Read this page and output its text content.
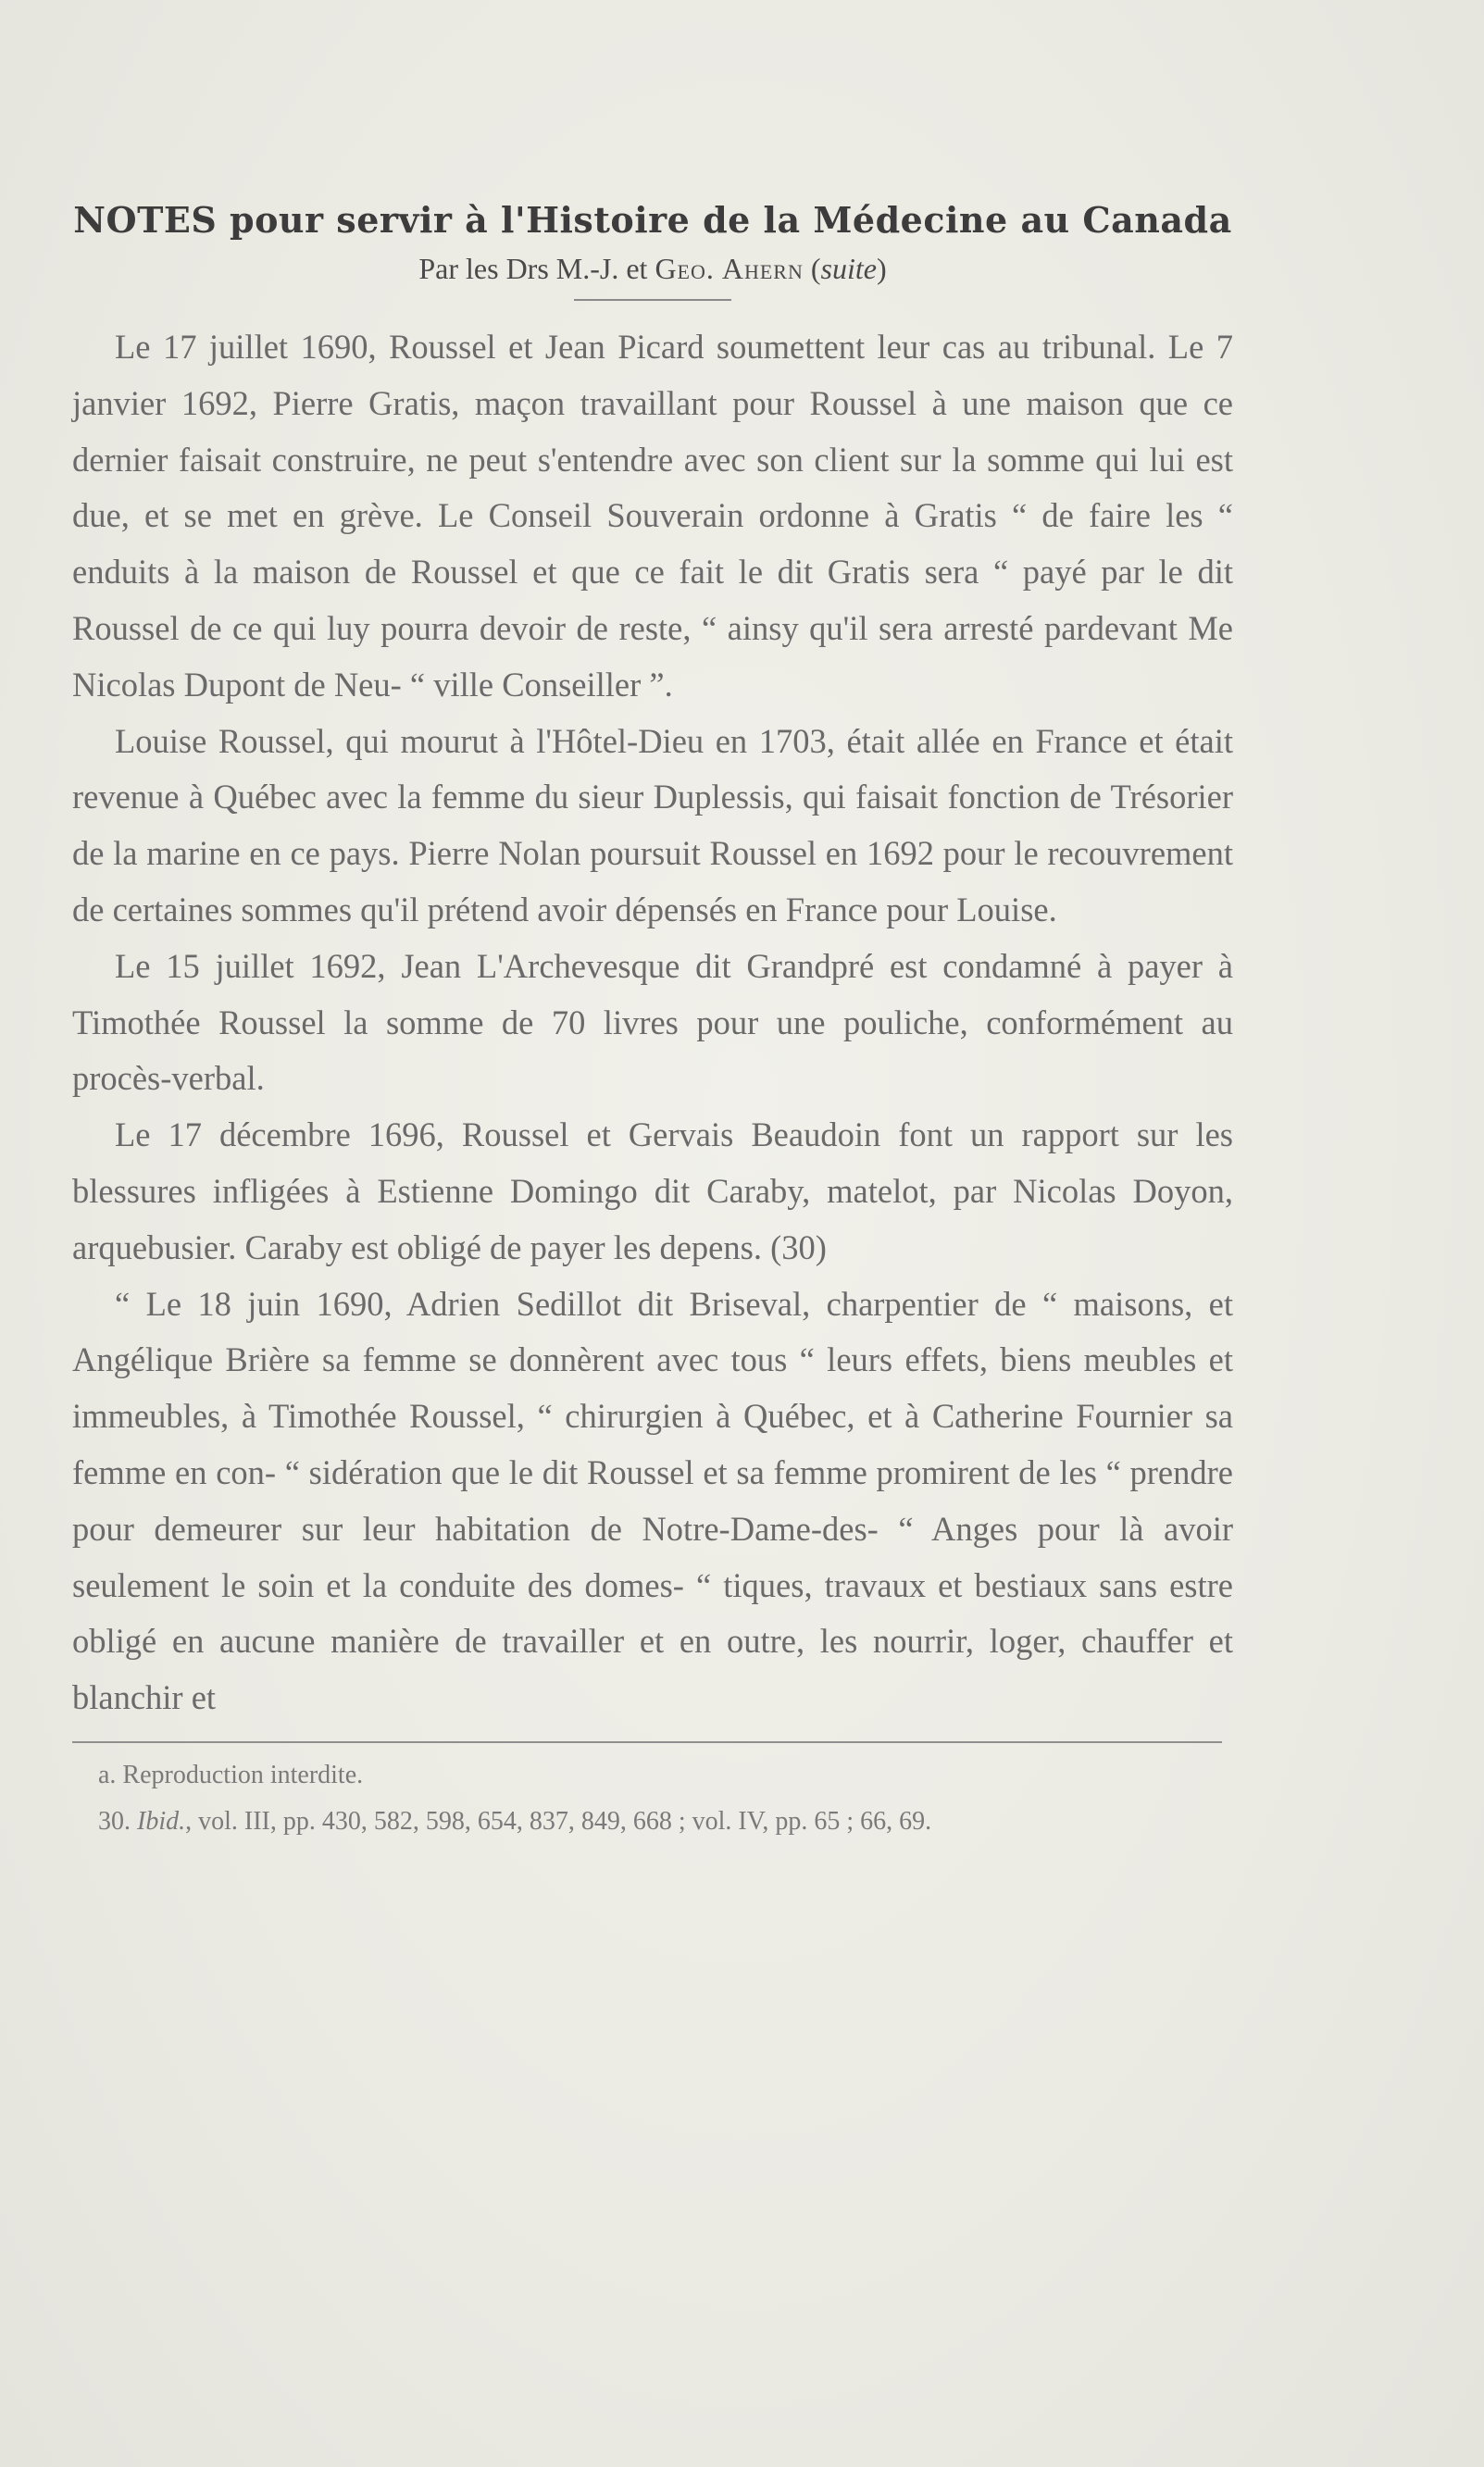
NOTES pour servir à l'Histoire de la Médecine au Canada
Par les Drs M.-J. et Geo. Ahern (suite)

Le 17 juillet 1690, Roussel et Jean Picard soumettent leur cas au tribunal. Le 7 janvier 1692, Pierre Gratis, maçon travaillant pour Roussel à une maison que ce dernier faisait construire, ne peut s'entendre avec son client sur la somme qui lui est due, et se met en grève. Le Conseil Souverain ordonne à Gratis “ de faire les “ enduits à la maison de Roussel et que ce fait le dit Gratis sera “ payé par le dit Roussel de ce qui luy pourra devoir de reste, “ ainsy qu'il sera arresté pardevant Me Nicolas Dupont de Neu- “ ville Conseiller ”.

Louise Roussel, qui mourut à l'Hôtel-Dieu en 1703, était allée en France et était revenue à Québec avec la femme du sieur Duplessis, qui faisait fonction de Trésorier de la marine en ce pays. Pierre Nolan poursuit Roussel en 1692 pour le recouvrement de certaines sommes qu'il prétend avoir dépensés en France pour Louise.

Le 15 juillet 1692, Jean L'Archevesque dit Grandpré est condamné à payer à Timothée Roussel la somme de 70 livres pour une pouliche, conformément au procès-verbal.

Le 17 décembre 1696, Roussel et Gervais Beaudoin font un rapport sur les blessures infligées à Estienne Domingo dit Caraby, matelot, par Nicolas Doyon, arquebusier. Caraby est obligé de payer les depens. (30)

“ Le 18 juin 1690, Adrien Sedillot dit Briseval, charpentier de “ maisons, et Angélique Brière sa femme se donnèrent avec tous “ leurs effets, biens meubles et immeubles, à Timothée Roussel, “ chirurgien à Québec, et à Catherine Fournier sa femme en con- “ sidération que le dit Roussel et sa femme promirent de les “ prendre pour demeurer sur leur habitation de Notre-Dame-des- “ Anges pour là avoir seulement le soin et la conduite des domes- “ tiques, travaux et bestiaux sans estre obligé en aucune manière de travailler et en outre, les nourrir, loger, chauffer et blanchir et

a. Reproduction interdite.
30. Ibid., vol. III, pp. 430, 582, 598, 654, 837, 849, 668 ; vol. IV, pp. 65 ; 66, 69.
